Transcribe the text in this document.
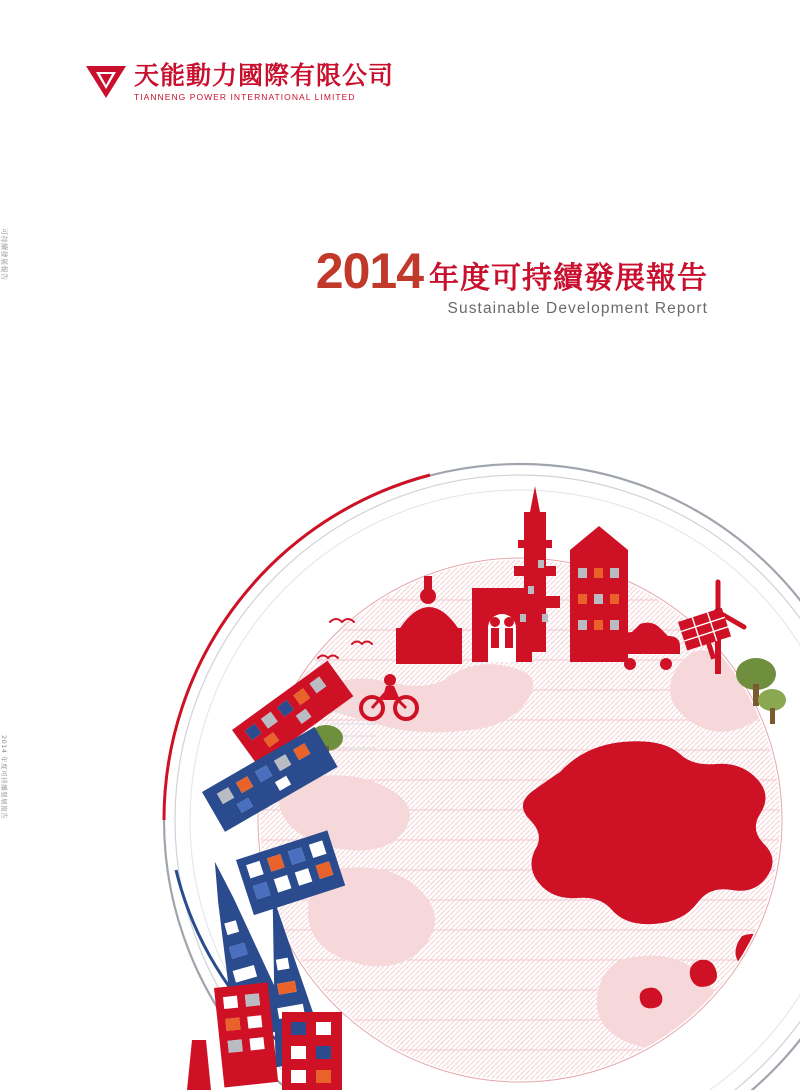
天能動力國際有限公司
TIANNENG POWER INTERNATIONAL LIMITED
2014 年度可持續發展報告
Sustainable Development Report
可持續發展報告
2014 年度可持續發展報告
